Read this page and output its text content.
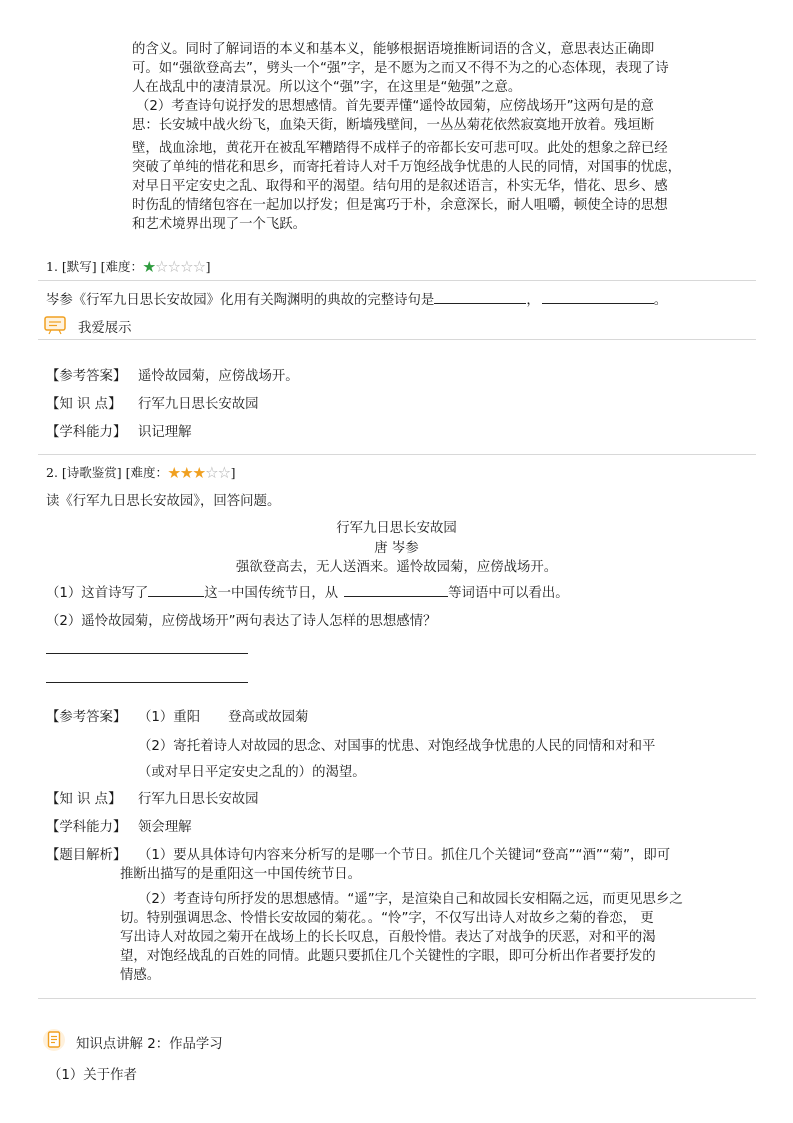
的含义。同时了解词语的本义和基本义，能够根据语境推断词语的含义，意思表达正确即

可。如“强欲登高去”，劈头一个“强”字，是不愿为之而又不得不为之的心态体现，表现了诗

人在战乱中的凄清景况。所以这个“强”字，在这里是“勉强”之意。

（2）考查诗句说抒发的思想感情。首先要弄懂“遥怜故园菊，应傍战场开”这两句是的意

思：长安城中战火纷飞，血染天街，断墙残壁间，一丛丛菊花依然寂寞地开放着。残垣断

壁，战血涂地，黄花开在被乱军糟踏得不成样子的帝都长安可悲可叹。此处的想象之辞已经

突破了单纯的惜花和思乡，而寄托着诗人对千万饱经战争忧患的人民的同情，对国事的忧虑，

对早日平定安史之乱、取得和平的渴望。结句用的是叙述语言，朴实无华，惜花、思乡、感

时伤乱的情绪包容在一起加以抒发；但是寓巧于朴，余意深长，耐人咀嚼，顿使全诗的思想

和艺术境界出现了一个飞跃。

1. [默写] [难度：★☆☆☆☆]
岑参《行军九日思长安故园》化用有关陶渊明的典故的完整诗句是	，	。
我爱展示
【参考答案】 遥怜故园菊，应傍战场开。
【知 识 点】	行军九日思长安故园
【学科能力】 识记理解
2. [诗歌鉴赏] [难度：★★★☆☆]
读《行军九日思长安故园》，回答问题。
行军九日思长安故园
唐 岑参
强欲登高去，无人送酒来。遥怜故园菊，应傍战场开。
（1）这首诗写了	这一中国传统节日，从	等词语中可以看出。
（2）遥怜故园菊，应傍战场开”两句表达了诗人怎样的思想感情？
【参考答案】 （1）重阳 登高或故园菊
（2）寄托着诗人对故园的思念、对国事的忧患、对饱经战争忧患的人民的同情和对和平
（或对早日平定安史之乱的）的渴望。
【知 识 点】	行军九日思长安故园
【学科能力】 领会理解
【题目解析】 （1）要从具体诗句内容来分析写的是哪一个节日。抓住几个关键词“登高”“酒”“菊”，即可

推断出描写的是重阳这一中国传统节日。

（2）考查诗句所抒发的思想感情。“遥”字，是渲染自己和故园长安相隔之远，而更见思乡之

切。特别强调思念、怜惜长安故园的菊花。。“怜”字，不仅写出诗人对故乡之菊的眷恋， 更

写出诗人对故园之菊开在战场上的长长叹息，百般怜惜。表达了对战争的厌恶，对和平的渴

望，对饱经战乱的百姓的同情。此题只要抓住几个关键性的字眼，即可分析出作者要抒发的

情感。

知识点讲解 2：作品学习
（1）关于作者
